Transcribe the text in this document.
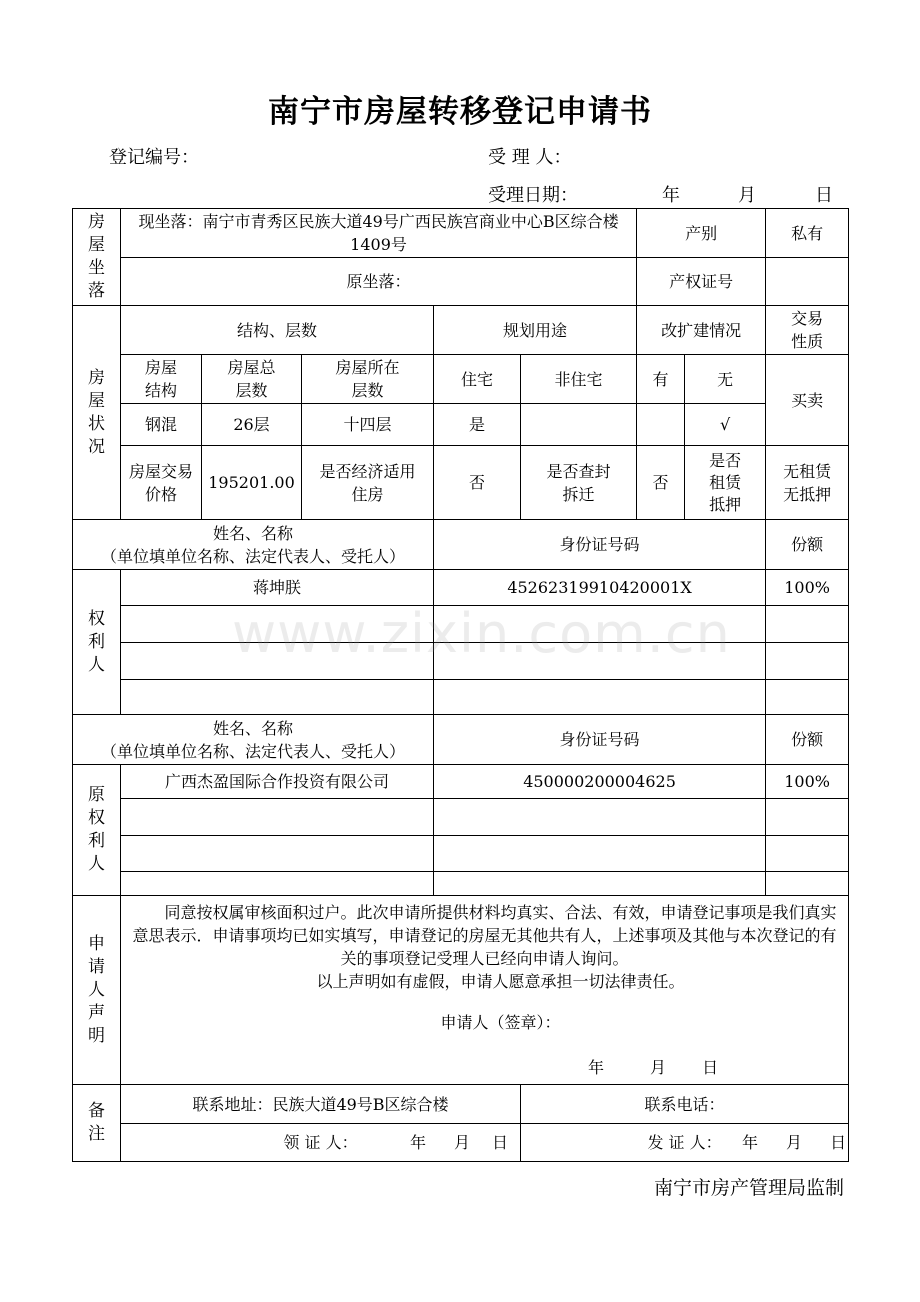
南宁市房屋转移登记申请书
登记编号：	受 理 人：
受理日期：	年	月	日
房屋坐落	现坐落：南宁市青秀区民族大道49号广西民族宫商业中心B区综合楼1409号					产别		私有
	原坐落：					产权证号		
房屋状况	结构、层数			规划用途		改扩建情况		交易性质
	房屋结构	房屋总层数	房屋所在层数	住宅	非住宅	有	无	买卖
	钢混	26层	十四层	是			√	
	房屋交易价格	195201.00	是否经济适用住房	否	是否查封拆迁	否	是否租赁抵押	无租赁
无抵押

姓名、名称
（单位填单位名称、法定代表人、受托人）				身份证号码				份额
权利人	蒋坤朕			45262319910420001X				100%

姓名、名称
（单位填单位名称、法定代表人、受托人）				身份证号码				份额
原权利人	广西杰盈国际合作投资有限公司			450000200004625				100%

申请人声明	同意按权属审核面积过户。此次申请所提供材料均真实、合法、有效，申请登记事项是我们真实意思表示．申请事项均已如实填写，申请登记的房屋无其他共有人，上述事项及其他与本次登记的有关的事项登记受理人已经向申请人询问。

以上声明如有虚假，申请人愿意承担一切法律责任。

申请人（签章）：

年 月 日							

备注	联系地址：民族大道49号B区综合楼				联系电话：			
	领 证 人： 年 月 日				发 证 人： 年 月 日			
www.zixin.com.cn
南宁市房产管理局监制
